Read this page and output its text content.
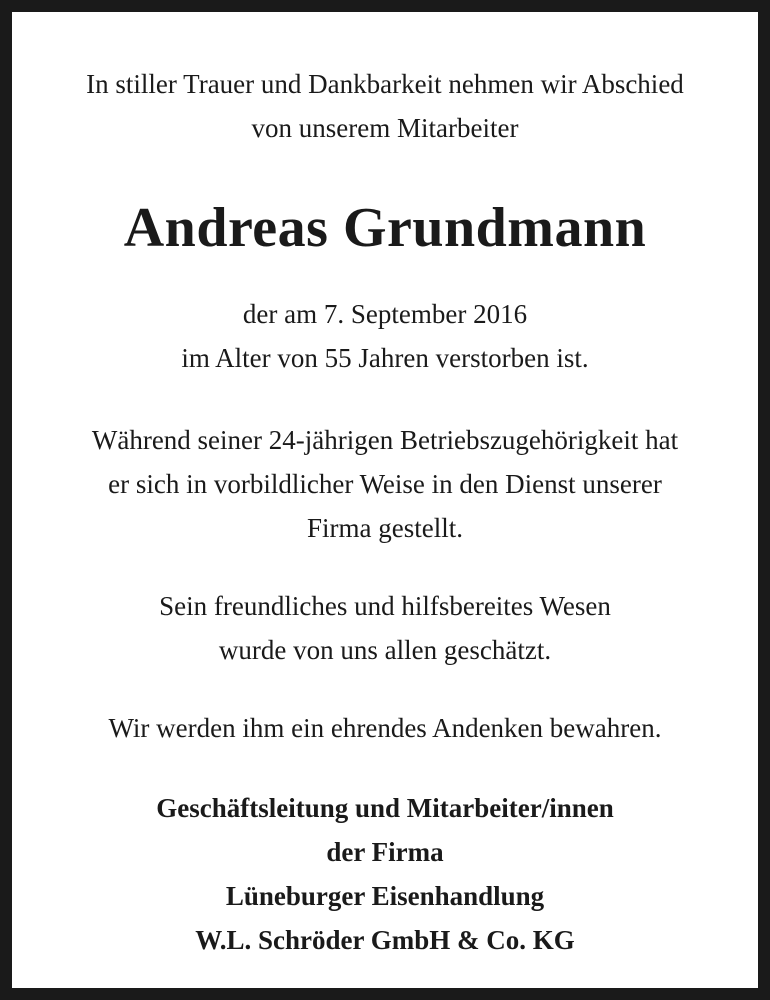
In stiller Trauer und Dankbarkeit nehmen wir Abschied
von unserem Mitarbeiter

Andreas Grundmann

der am 7. September 2016
im Alter von 55 Jahren verstorben ist.

Während seiner 24-jährigen Betriebszugehörigkeit hat
er sich in vorbildlicher Weise in den Dienst unserer
Firma gestellt.

Sein freundliches und hilfsbereites Wesen
wurde von uns allen geschätzt.

Wir werden ihm ein ehrendes Andenken bewahren.

Geschäftsleitung und Mitarbeiter/innen
der Firma
Lüneburger Eisenhandlung
W.L. Schröder GmbH & Co. KG
